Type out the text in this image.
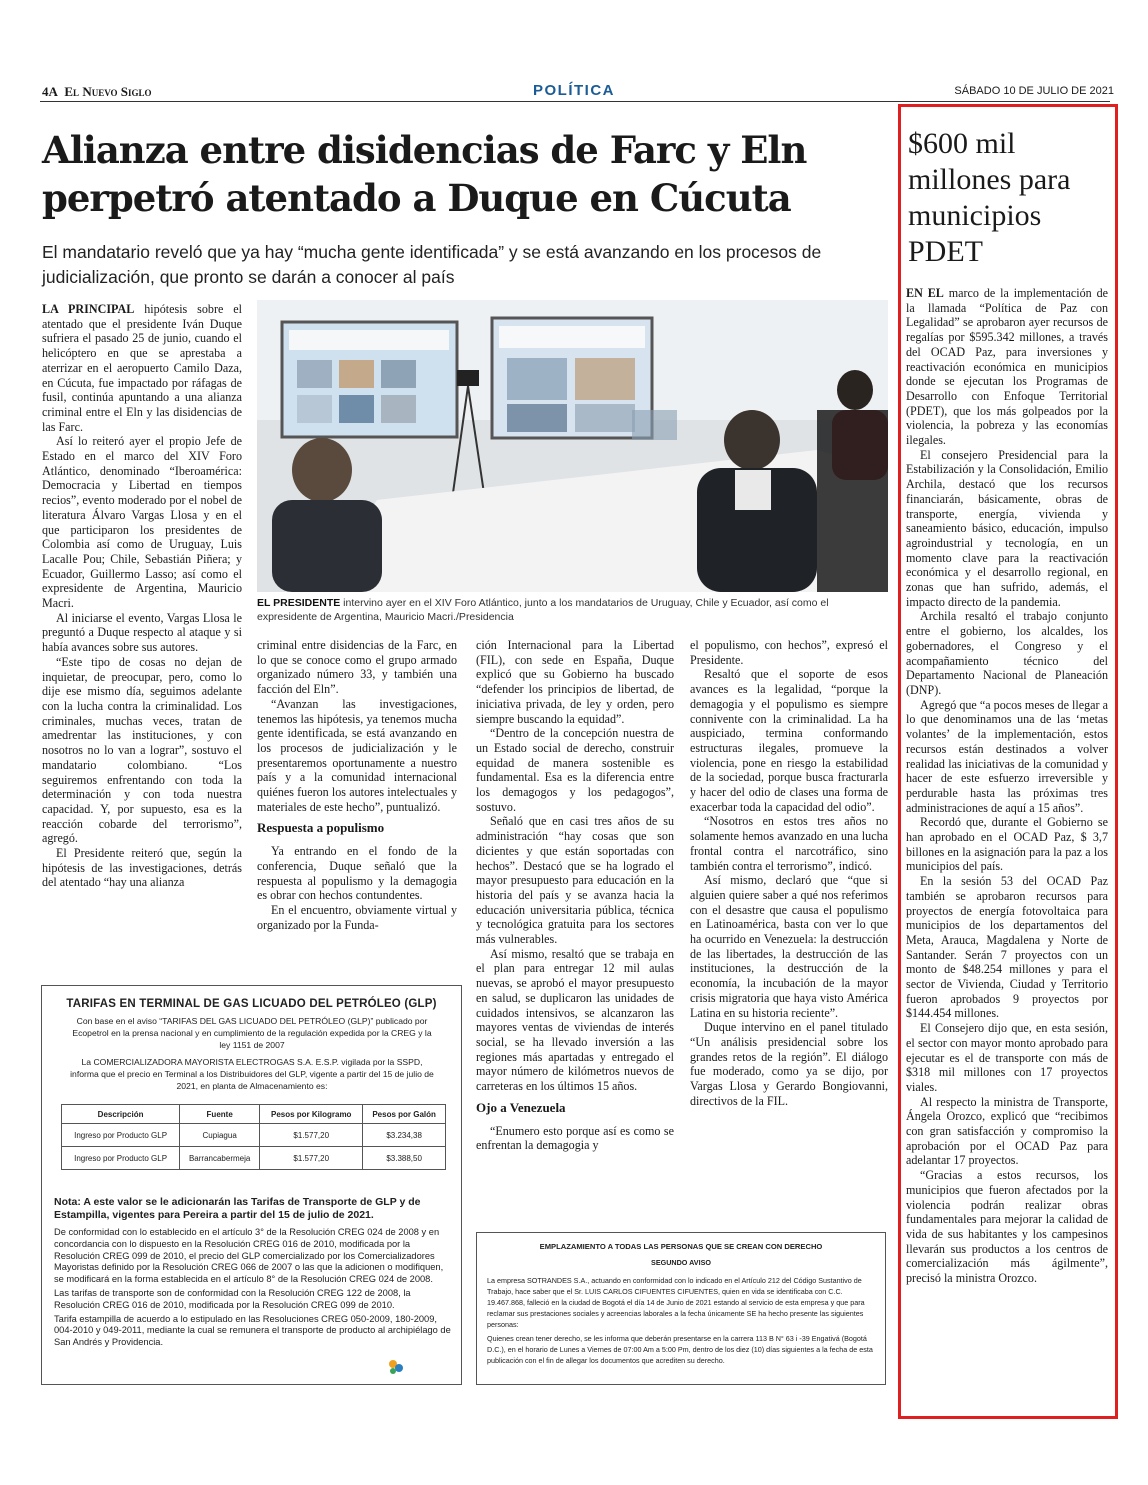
4A El Nuevo Siglo	POLÍTICA	SÁBADO 10 DE JULIO DE 2021
Alianza entre disidencias de Farc y Eln perpetró atentado a Duque en Cúcuta

El mandatario reveló que ya hay “mucha gente identificada” y se está avanzando en los procesos de judicialización, que pronto se darán a conocer al país

LA PRINCIPAL hipótesis sobre el atentado que el presidente Iván Duque sufriera el pasado 25 de junio, cuando el helicóptero en que se aprestaba a aterrizar en el aeropuerto Camilo Daza, en Cúcuta, fue impactado por ráfagas de fusil, continúa apuntando a una alianza criminal entre el Eln y las disidencias de las Farc.

Así lo reiteró ayer el propio Jefe de Estado en el marco del XIV Foro Atlántico, denominado “Iberoamérica: Democracia y Libertad en tiempos recios”, evento moderado por el nobel de literatura Álvaro Vargas Llosa y en el que participaron los presidentes de Colombia así como de Uruguay, Luis Lacalle Pou; Chile, Sebastián Piñera; y Ecuador, Guillermo Lasso; así como el expresidente de Argentina, Mauricio Macri.

Al iniciarse el evento, Vargas Llosa le preguntó a Duque respecto al ataque y si había avances sobre sus autores.

“Este tipo de cosas no dejan de inquietar, de preocupar, pero, como lo dije ese mismo día, seguimos adelante con la lucha contra la criminalidad. Los criminales, muchas veces, tratan de amedrentar las instituciones, y con nosotros no lo van a lograr”, sostuvo el mandatario colombiano. “Los seguiremos enfrentando con toda la determinación y con toda nuestra capacidad. Y, por supuesto, esa es la reacción cobarde del terrorismo”, agregó.

El Presidente reiteró que, según la hipótesis de las investigaciones, detrás del atentado “hay una alianza

EL PRESIDENTE intervino ayer en el XIV Foro Atlántico, junto a los mandatarios de Uruguay, Chile y Ecuador, así como el expresidente de Argentina, Mauricio Macri./Presidencia

criminal entre disidencias de la Farc, en lo que se conoce como el grupo armado organizado número 33, y también una facción del Eln”.

“Avanzan las investigaciones, tenemos las hipótesis, ya tenemos mucha gente identificada, se está avanzando en los procesos de judicialización y le presentaremos oportunamente a nuestro país y a la comunidad internacional quiénes fueron los autores intelectuales y materiales de este hecho”, puntualizó.

Respuesta a populismo

Ya entrando en el fondo de la conferencia, Duque señaló que la respuesta al populismo y la demagogia es obrar con hechos contundentes.

En el encuentro, obviamente virtual y organizado por la Funda-

ción Internacional para la Libertad (FIL), con sede en España, Duque explicó que su Gobierno ha buscado “defender los principios de libertad, de iniciativa privada, de ley y orden, pero siempre buscando la equidad”.

“Dentro de la concepción nuestra de un Estado social de derecho, construir equidad de manera sostenible es fundamental. Esa es la diferencia entre los demagogos y los pedagogos”, sostuvo.

Señaló que en casi tres años de su administración “hay cosas que son dicientes y que están soportadas con hechos”. Destacó que se ha logrado el mayor presupuesto para educación en la historia del país y se avanza hacia la educación universitaria pública, técnica y tecnológica gratuita para los sectores más vulnerables.

Así mismo, resaltó que se trabaja en el plan para entregar 12 mil aulas nuevas, se aprobó el mayor presupuesto en salud, se duplicaron las unidades de cuidados intensivos, se alcanzaron las mayores ventas de viviendas de interés social, se ha llevado inversión a las regiones más apartadas y entregado el mayor número de kilómetros nuevos de carreteras en los últimos 15 años.

Ojo a Venezuela

“Enumero esto porque así es como se enfrentan la demagogia y

el populismo, con hechos”, expresó el Presidente.

Resaltó que el soporte de esos avances es la legalidad, “porque la demagogia y el populismo es siempre conniventе con la criminalidad. La ha auspiciado, termina conformando estructuras ilegales, promueve la violencia, pone en riesgo la estabilidad de la sociedad, porque busca fracturarla y hacer del odio de clases una forma de exacerbar toda la capacidad del odio”.

“Nosotros en estos tres años no solamente hemos avanzado en una lucha frontal contra el narcotráfico, sino también contra el terrorismo”, indicó.

Así mismo, declaró que “que si alguien quiere saber a qué nos referimos con el desastre que causa el populismo en Latinoamérica, basta con ver lo que ha ocurrido en Venezuela: la destrucción de las libertades, la destrucción de las instituciones, la destrucción de la economía, la incubación de la mayor crisis migratoria que haya visto América Latina en su historia reciente”.

Duque intervino en el panel titulado “Un análisis presidencial sobre los grandes retos de la región”. El diálogo fue moderado, como ya se dijo, por Vargas Llosa y Gerardo Bongiovanni, directivos de la FIL.

$600 mil millones para municipios PDET

EN EL marco de la implementación de la llamada “Política de Paz con Legalidad” se aprobaron ayer recursos de regalías por $595.342 millones, a través del OCAD Paz, para inversiones y reactivación económica en municipios donde se ejecutan los Programas de Desarrollo con Enfoque Territorial (PDET), que los más golpeados por la violencia, la pobreza y las economías ilegales.

El consejero Presidencial para la Estabilización y la Consolidación, Emilio Archila, destacó que los recursos financiarán, básicamente, obras de transporte, energía, vivienda y saneamiento básico, educación, impulso agroindustrial y tecnología, en un momento clave para la reactivación económica y el desarrollo regional, en zonas que han sufrido, además, el impacto directo de la pandemia.

Archila resaltó el trabajo conjunto entre el gobierno, los alcaldes, los gobernadores, el Congreso y el acompañamiento técnico del Departamento Nacional de Planeación (DNP).

Agregó que “a pocos meses de llegar a lo que denominamos una de las ‘metas volantes’ de la implementación, estos recursos están destinados a volver realidad las iniciativas de la comunidad y hacer de este esfuerzo irreversible y perdurable hasta las próximas tres administraciones de aquí a 15 años”.

Recordó que, durante el Gobierno se han aprobado en el OCAD Paz, $ 3,7 billones en la asignación para la paz a los municipios del país.

En la sesión 53 del OCAD Paz también se aprobaron recursos para proyectos de energía fotovoltaica para municipios de los departamentos del Meta, Arauca, Magdalena y Norte de Santander. Serán 7 proyectos con un monto de $48.254 millones y para el sector de Vivienda, Ciudad y Territorio fueron aprobados 9 proyectos por $144.454 millones.

El Consejero dijo que, en esta sesión, el sector con mayor monto aprobado para ejecutar es el de transporte con más de $318 mil millones con 17 proyectos viales.

Al respecto la ministra de Transporte, Ángela Orozco, explicó que “recibimos con gran satisfacción y compromiso la aprobación por el OCAD Paz para adelantar 17 proyectos.

“Gracias a estos recursos, los municipios que fueron afectados por la violencia podrán realizar obras fundamentales para mejorar la calidad de vida de sus habitantes y los campesinos llevarán sus productos a los centros de comercialización más ágilmente”, precisó la ministra Orozco.

TARIFAS EN TERMINAL DE GAS LICUADO DEL PETRÓLEO (GLP)
Con base en el aviso “TARIFAS DEL GAS LICUADO DEL PETRÓLEO (GLP)” publicado por Ecopetrol en la prensa nacional y en cumplimiento de la regulación expedida por la CREG y la ley 1151 de 2007
La COMERCIALIZADORA MAYORISTA ELECTROGAS S.A. E.S.P. vigilada por la SSPD, informa que el precio en Terminal a los Distribuidores del GLP, vigente a partir del 15 de julio de 2021, en planta de Almacenamiento es:
Descripción	Fuente	Pesos por Kilogramo	Pesos por Galón
Ingreso por Producto GLP	Cupiagua	$1.577,20	$3.234,38
Ingreso por Producto GLP	Barrancabermeja	$1.577,20	$3.388,50
Nota: A este valor se le adicionarán las Tarifas de Transporte de GLP y de Estampilla, vigentes para Pereira a partir del 15 de julio de 2021.

De conformidad con lo establecido en el artículo 3° de la Resolución CREG 024 de 2008 y en concordancia con lo dispuesto en la Resolución CREG 016 de 2010, modificada por la Resolución CREG 099 de 2010, el precio del GLP comercializado por los Comercializadores Mayoristas definido por la Resolución CREG 066 de 2007 o las que la adicionen o modifiquen, se modificará en la forma establecida en el artículo 8° de la Resolución CREG 024 de 2008.

Las tarifas de transporte son de conformidad con la Resolución CREG 122 de 2008, la Resolución CREG 016 de 2010, modificada por la Resolución CREG 099 de 2010.

Tarifa estampilla de acuerdo a lo estipulado en las Resoluciones CREG 050-2009, 180-2009, 004-2010 y 049-2011, mediante la cual se remunera el transporte de producto al archipiélago de San Andrés y Providencia.

EMPLAZAMIENTO A TODAS LAS PERSONAS QUE SE CREAN CON DERECHO
SEGUNDO AVISO

La empresa SOTRANDES S.A., actuando en conformidad con lo indicado en el Artículo 212 del Código Sustantivo de Trabajo, hace saber que el Sr. LUIS CARLOS CIFUENTES CIFUENTES, quien en vida se identificaba con C.C. 19.467.868, falleció en la ciudad de Bogotá el día 14 de Junio de 2021 estando al servicio de esta empresa y que para reclamar sus prestaciones sociales y acreencias laborales a la fecha únicamente SE ha hecho presente las siguientes personas:

Quienes crean tener derecho, se les informa que deberán presentarse en la carrera 113 B N° 63 i -39 Engativá (Bogotá D.C.), en el horario de Lunes a Viernes de 07:00 Am a 5:00 Pm, dentro de los diez (10) días siguientes a la fecha de esta publicación con el fin de allegar los documentos que acrediten su derecho.
